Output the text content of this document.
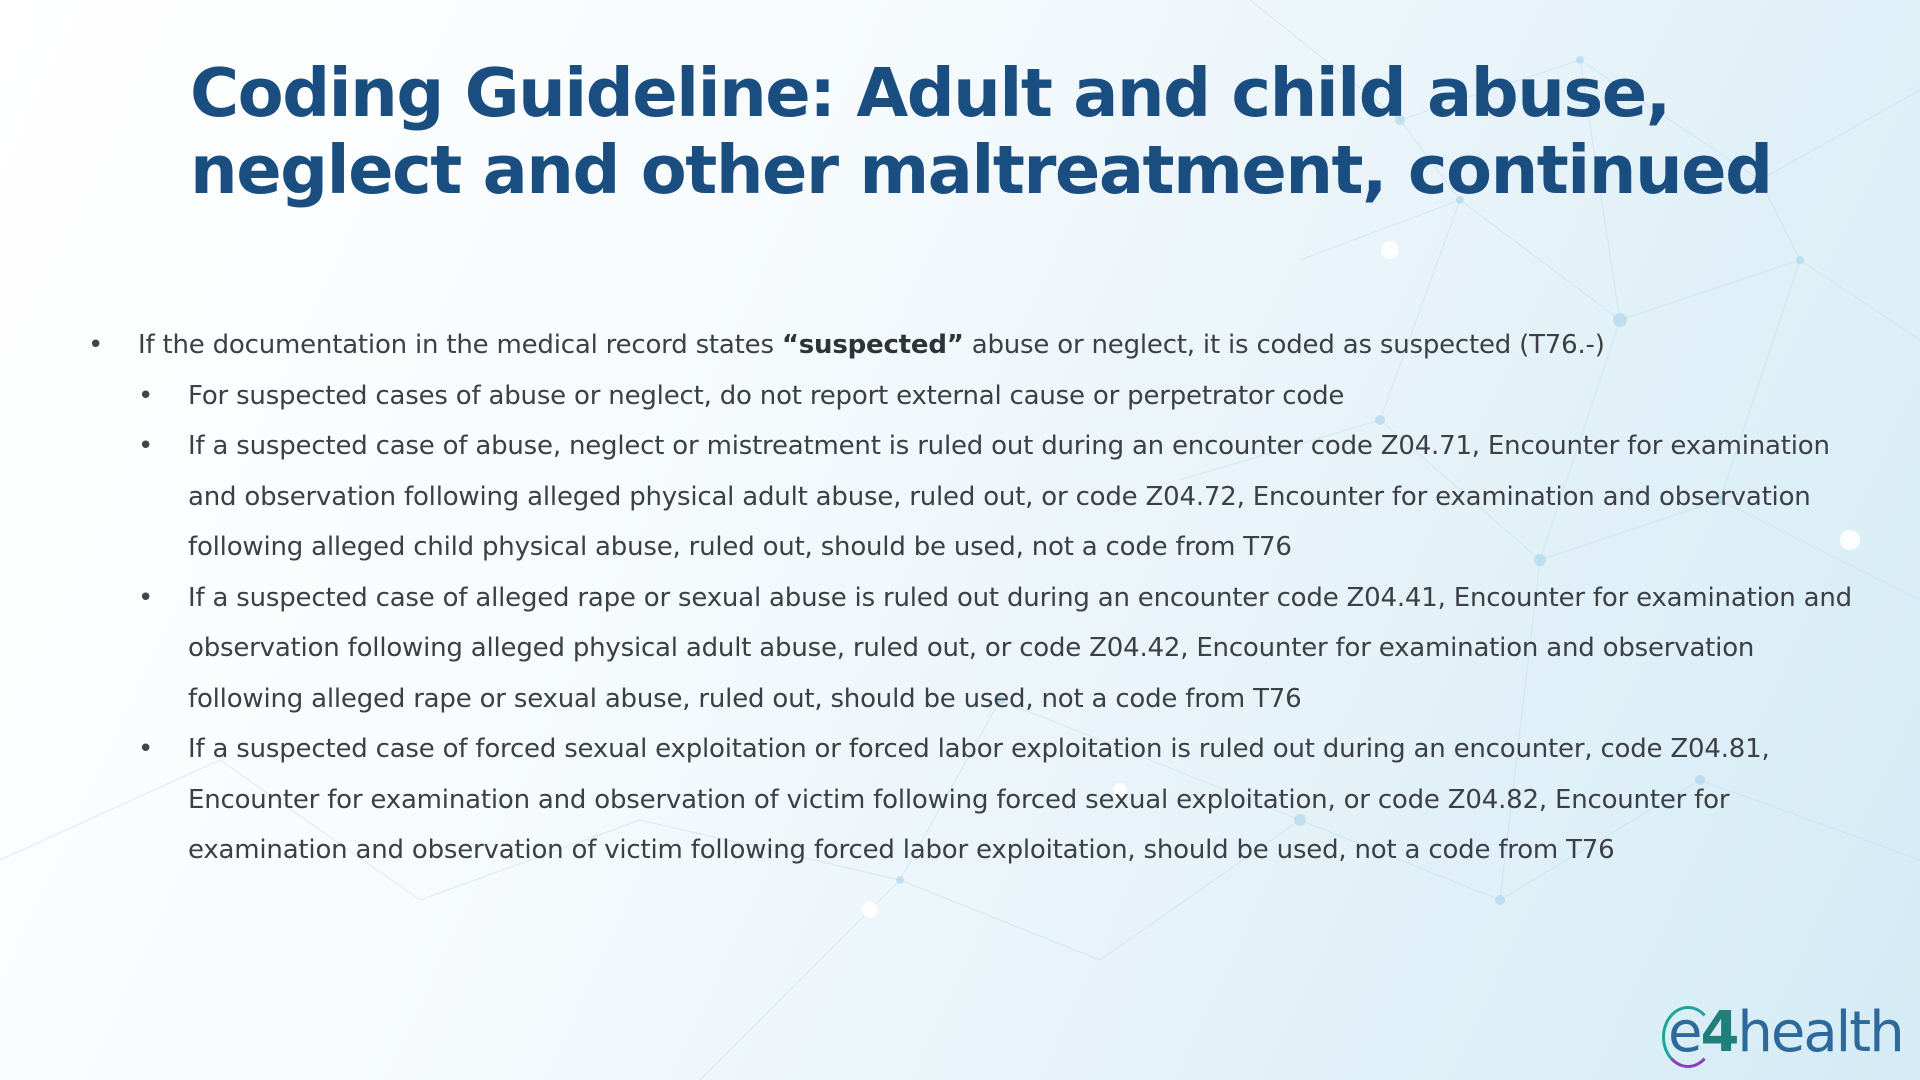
Coding Guideline: Adult and child abuse,
neglect and other maltreatment, continued
•	If the documentation in the medical record states “suspected” abuse or neglect, it is coded as suspected (T76.-)
•	For suspected cases of abuse or neglect, do not report external cause or perpetrator code
•	If a suspected case of abuse, neglect or mistreatment is ruled out during an encounter code Z04.71, Encounter for examination
and observation following alleged physical adult abuse, ruled out, or code Z04.72, Encounter for examination and observation
following alleged child physical abuse, ruled out, should be used, not a code from T76
•	If a suspected case of alleged rape or sexual abuse is ruled out during an encounter code Z04.41, Encounter for examination and
observation following alleged physical adult abuse, ruled out, or code Z04.42, Encounter for examination and observation
following alleged rape or sexual abuse, ruled out, should be used, not a code from T76
•	If a suspected case of forced sexual exploitation or forced labor exploitation is ruled out during an encounter, code Z04.81,
Encounter for examination and observation of victim following forced sexual exploitation, or code Z04.82, Encounter for
examination and observation of victim following forced labor exploitation, should be used, not a code from T76
e4health
